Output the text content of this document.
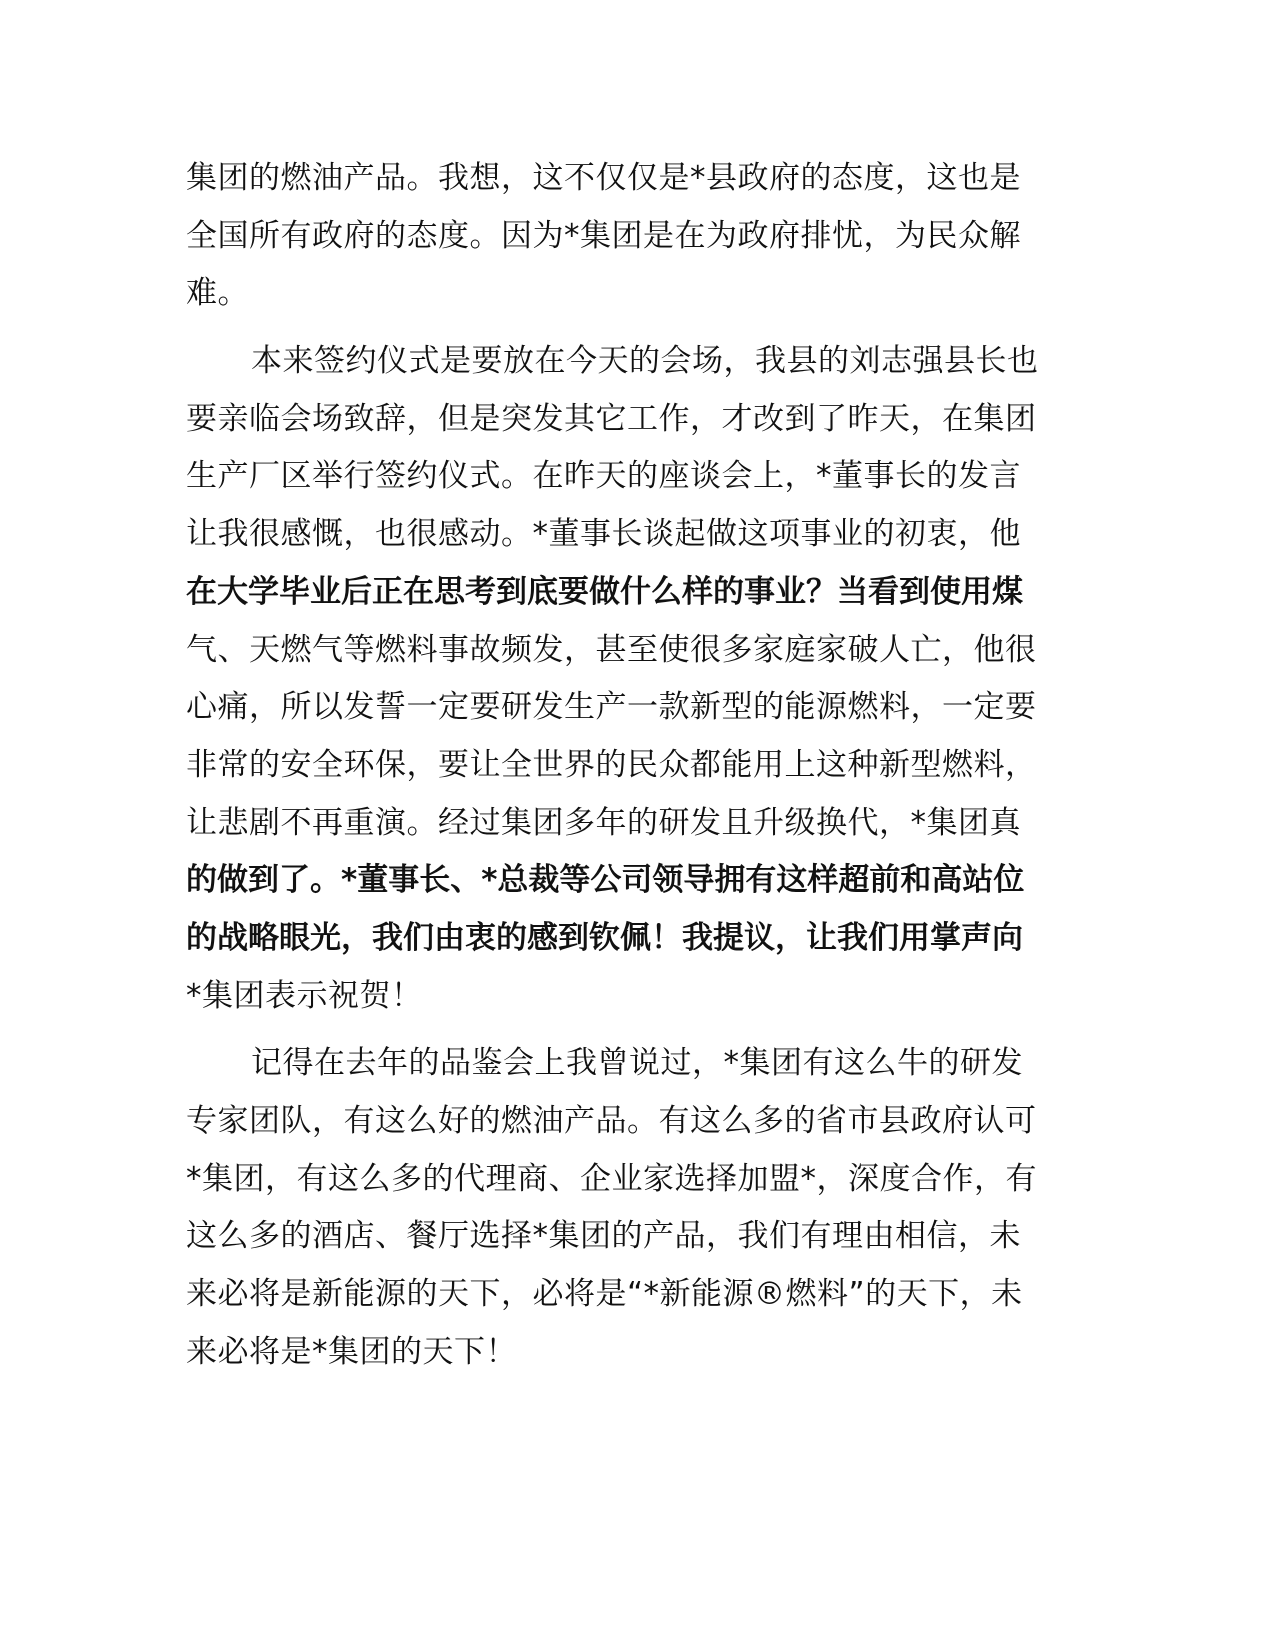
集团的燃油产品。我想，这不仅仅是*县政府的态度，这也是
全国所有政府的态度。因为*集团是在为政府排忧，为民众解
难。
本来签约仪式是要放在今天的会场，我县的刘志强县长也
要亲临会场致辞，但是突发其它工作，才改到了昨天，在集团
生产厂区举行签约仪式。在昨天的座谈会上，*董事长的发言
让我很感慨，也很感动。*董事长谈起做这项事业的初衷，他
在大学毕业后正在思考到底要做什么样的事业？当看到使用煤
气、天燃气等燃料事故频发，甚至使很多家庭家破人亡，他很
心痛，所以发誓一定要研发生产一款新型的能源燃料，一定要
非常的安全环保，要让全世界的民众都能用上这种新型燃料，
让悲剧不再重演。经过集团多年的研发且升级换代，*集团真
的做到了。*董事长、*总裁等公司领导拥有这样超前和高站位
的战略眼光，我们由衷的感到钦佩！我提议，让我们用掌声向
*集团表示祝贺！
记得在去年的品鉴会上我曾说过，*集团有这么牛的研发
专家团队，有这么好的燃油产品。有这么多的省市县政府认可
*集团，有这么多的代理商、企业家选择加盟*，深度合作，有
这么多的酒店、餐厅选择*集团的产品，我们有理由相信，未
来必将是新能源的天下，必将是“*新能源®燃料”的天下，未
来必将是*集团的天下！
